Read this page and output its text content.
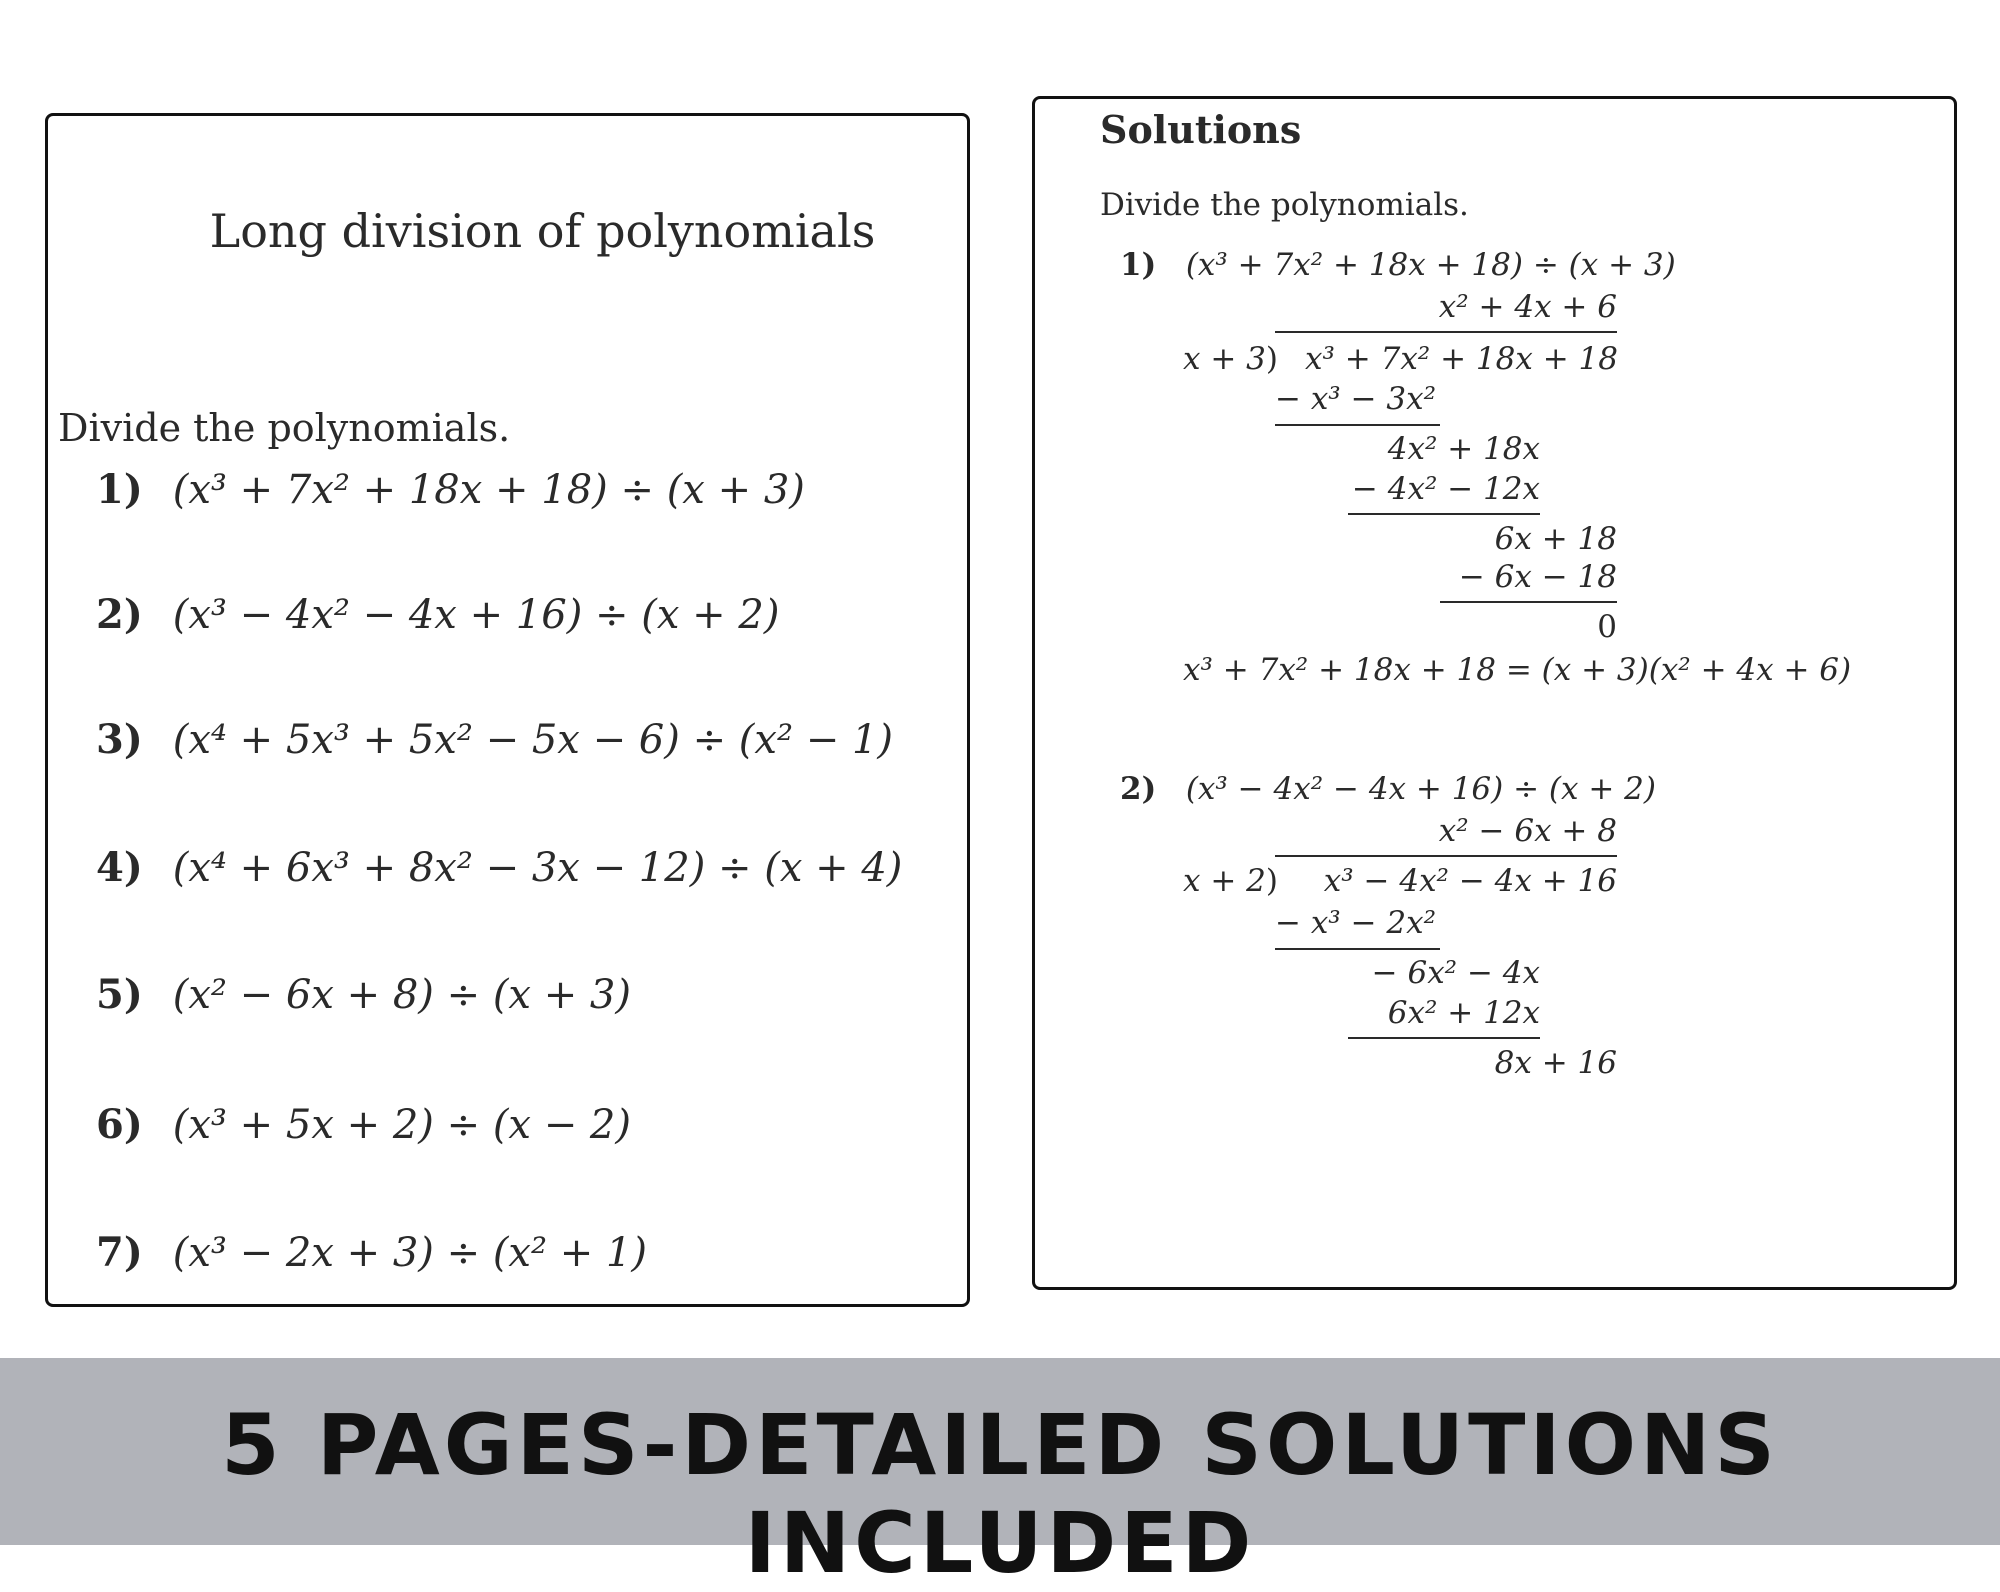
Long division of polynomials
Divide the polynomials.
1) (x³ + 7x² + 18x + 18) ÷ (x + 3)
2) (x³ − 4x² − 4x + 16) ÷ (x + 2)
3) (x⁴ + 5x³ + 5x² − 5x − 6) ÷ (x² − 1)
4) (x⁴ + 6x³ + 8x² − 3x − 12) ÷ (x + 4)
5) (x² − 6x + 8) ÷ (x + 3)
6) (x³ + 5x + 2) ÷ (x − 2)
7) (x³ − 2x + 3) ÷ (x² + 1)
Solutions
Divide the polynomials.
1) (x³ + 7x² + 18x + 18) ÷ (x + 3)
x² + 4x + 6
x + 3) x³ + 7x² + 18x + 18
− x³ − 3x²
4x² + 18x
− 4x² − 12x
6x + 18
− 6x − 18
0
x³ + 7x² + 18x + 18 = (x + 3)(x² + 4x + 6)
2) (x³ − 4x² − 4x + 16) ÷ (x + 2)
x² − 6x + 8
x + 2)	x³ − 4x² − 4x + 16
− x³ − 2x²
− 6x² − 4x
6x² + 12x
8x + 16
5 PAGES-DETAILED SOLUTIONS INCLUDED
